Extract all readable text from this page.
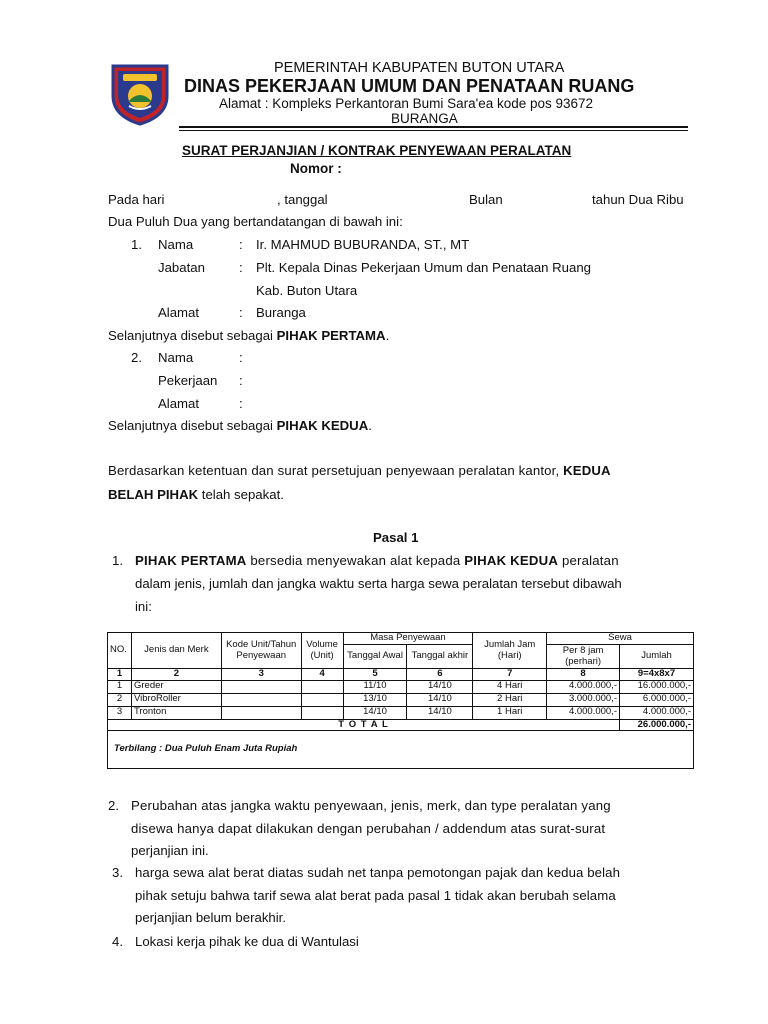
PEMERINTAH KABUPATEN BUTON UTARA
DINAS PEKERJAAN UMUM DAN PENATAAN RUANG
Alamat : Kompleks Perkantoran Bumi Sara'ea kode pos 93672
BURANGA
SURAT PERJANJIAN / KONTRAK PENYEWAAN PERALATAN
Nomor :
Pada hari	, tanggal	Bulan	tahun Dua Ribu
Dua Puluh Dua yang bertandatangan di bawah ini:
1. Nama	: Ir. MAHMUD BUBURANDA, ST., MT
Jabatan	: Plt. Kepala Dinas Pekerjaan Umum dan Penataan Ruang
Kab. Buton Utara
Alamat	: Buranga
Selanjutnya disebut sebagai PIHAK PERTAMA.
2. Nama	:
Pekerjaan :
Alamat	:
Selanjutnya disebut sebagai PIHAK KEDUA.
Berdasarkan ketentuan dan surat persetujuan penyewaan peralatan kantor, KEDUA
BELAH PIHAK telah sepakat.
Pasal 1
1. PIHAK PERTAMA bersedia menyewakan alat kepada PIHAK KEDUA peralatan
dalam jenis, jumlah dan jangka waktu serta harga sewa peralatan tersebut dibawah
ini:
NO.	Jenis dan Merk	Kode Unit/Tahun Penyewaan	Volume (Unit)	Masa Penyewaan		Jumlah Jam (Hari)	Sewa	
				Tanggal Awal	Tanggal akhir		Per 8 jam (perhari)	Jumlah
1	2	3	4	5	6	7	8	9=4x8x7
1	Greder			11/10	14/10	4 Hari	4.000.000,-	16.000.000,-
2	VibroRoller			13/10	14/10	2 Hari	3.000.000,-	6.000.000,-
3	Tronton			14/10	14/10	1 Hari	4.000.000,-	4.000.000,-
T O T A L								26.000.000,-
Terbilang : Dua Puluh Enam Juta Rupiah								
2. Perubahan atas jangka waktu penyewaan, jenis, merk, dan type peralatan yang
disewa hanya dapat dilakukan dengan perubahan / addendum atas surat-surat
perjanjian ini.
3. harga sewa alat berat diatas sudah net tanpa pemotongan pajak dan kedua belah
pihak setuju bahwa tarif sewa alat berat pada pasal 1 tidak akan berubah selama
perjanjian belum berakhir.
4. Lokasi kerja pihak ke dua di Wantulasi
